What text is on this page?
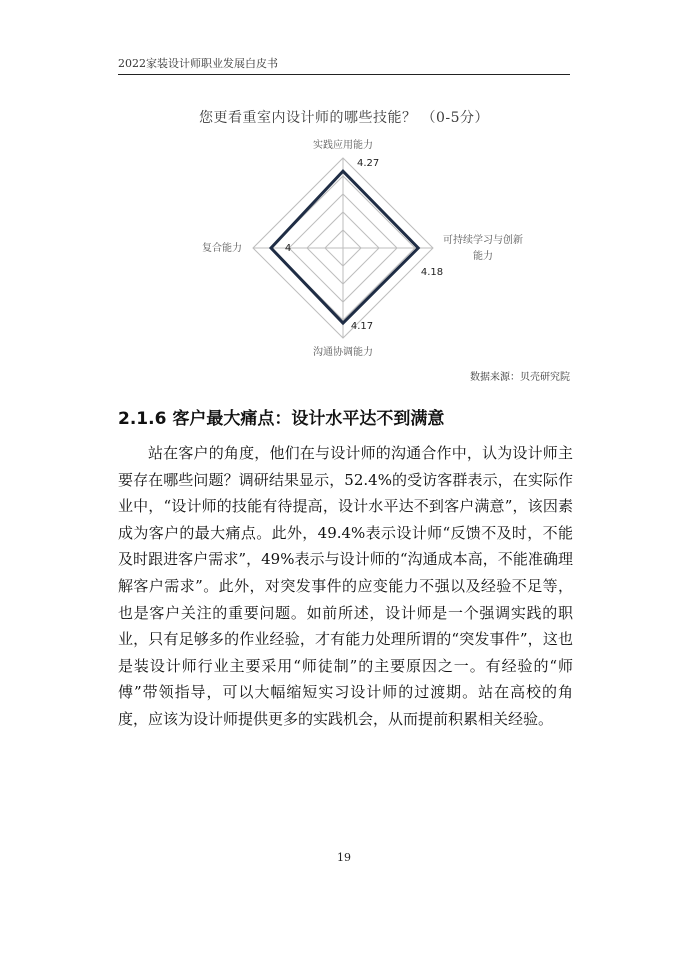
2022家装设计师职业发展白皮书
您更看重室内设计师的哪些技能？ （0-5分）
实践应用能力
可持续学习与创新
能力
沟通协调能力
复合能力
4.27
4.18
4.17
4
数据来源：贝壳研究院
2.1.6 客户最大痛点：设计水平达不到满意
站在客户的角度，他们在与设计师的沟通合作中，认为设计师主要存在哪些问题？调研结果显示，52.4%的受访客群表示，在实际作业中，“设计师的技能有待提高，设计水平达不到客户满意”，该因素成为客户的最大痛点。此外，49.4%表示设计师“反馈不及时，不能及时跟进客户需求”，49%表示与设计师的“沟通成本高，不能准确理解客户需求”。此外，对突发事件的应变能力不强以及经验不足等，也是客户关注的重要问题。如前所述，设计师是一个强调实践的职业，只有足够多的作业经验，才有能力处理所谓的“突发事件”，这也是装设计师行业主要采用“师徒制”的主要原因之一。有经验的“师傅”带领指导，可以大幅缩短实习设计师的过渡期。站在高校的角度，应该为设计师提供更多的实践机会，从而提前积累相关经验。
19
